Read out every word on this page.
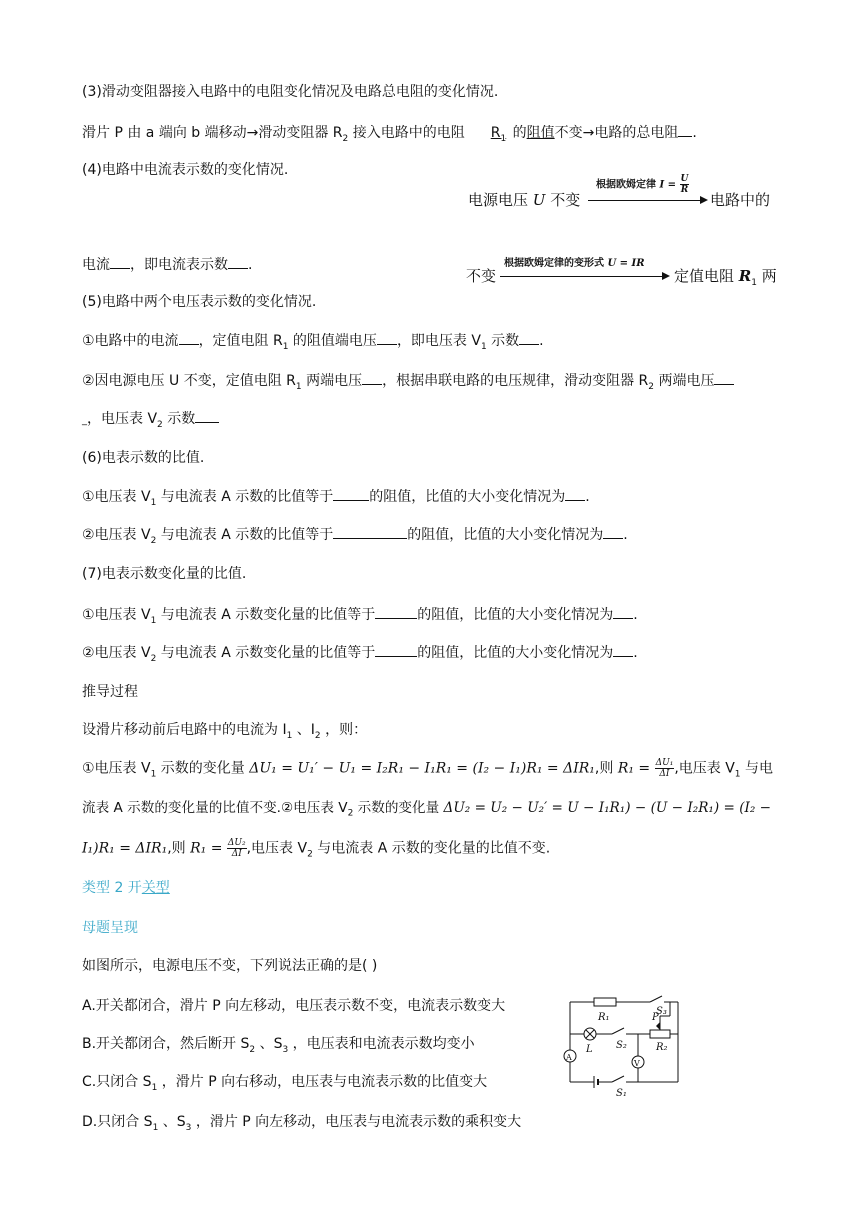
(3)滑动变阻器接入电路中的电阻变化情况及电路总电阻的变化情况.
滑片 P 由 a 端向 b 端移动→滑动变阻器 $R_2$ 接入电路中的电阻 $R_1$ 的阻值不变→电路的总电阻 .
(4)电路中电流表示数的变化情况.
根据欧姆定律 $I = \frac{U}{R}$
电源电压 U 不变	电路中的
电流 ，即电流表示数 .	根据欧姆定律的变形式 U = IR
不变	定值电阻 $R_1$ 两
(5)电路中两个电压表示数的变化情况.
①电路中的电流 ，定值电阻 $R_1$ 的阻值端电压 ，即电压表 $V_1$ 示数 .
②因电源电压 U 不变，定值电阻 $R_1$ 两端电压 ，根据串联电路的电压规律，滑动变阻器 $R_2$ 两端电压
_，电压表 $V_2$ 示数
(6)电表示数的比值.
①电压表 $V_1$ 与电流表 A 示数的比值等于	的阻值，比值的大小变化情况为 .
②电压表 $V_2$ 与电流表 A 示数的比值等于	的阻值，比值的大小变化情况为 .
(7)电表示数变化量的比值.
①电压表 $V_1$ 与电流表 A 示数变化量的比值等于	的阻值，比值的大小变化情况为 .
②电压表 $V_2$ 与电流表 A 示数变化量的比值等于	的阻值，比值的大小变化情况为 .
推导过程
设滑片移动前后电路中的电流为 $I_1$ 、$I_2$ ，则：
①电压表 $V_1$ 示数的变化量 ΔU₁ = U₁′ − U₁ = I₂R₁ − I₁R₁ = (I₂ − I₁)R₁ = ΔIR₁,则 $R_1 = \frac{\text{ΔU₁}}{\Delta I}$ ,电压表 $V_1$ 与电
流表 A 示数的变化量的比值不变.②电压表 $V_2$ 示数的变化量 ΔU₂ = U₂ − U₂′ = U − I₁R₁) − (U − I₂R₁) = (I₂ −
I₁)R₁ = ΔIR₁,则 $R_1 = \frac{\text{ΔU₂}}{\Delta I}$ ,电压表 $V_2$ 与电流表 A 示数的变化量的比值不变.
类型 2 开关型
母题呈现
如图所示，电源电压不变，下列说法正确的是( )
A.开关都闭合，滑片 P 向左移动，电压表示数不变，电流表示数变大
B.开关都闭合，然后断开 $S_2$ 、$S_3$ ，电压表和电流表示数均变小
C.只闭合 $S_1$ ，滑片 P 向右移动，电压表与电流表示数的比值变大
D.只闭合 $S_1$ 、$S_3$ ，滑片 P 向左移动，电压表与电流表示数的乘积变大
R₁
R₂
P
S₁
S₂
S₃
L
A
V
